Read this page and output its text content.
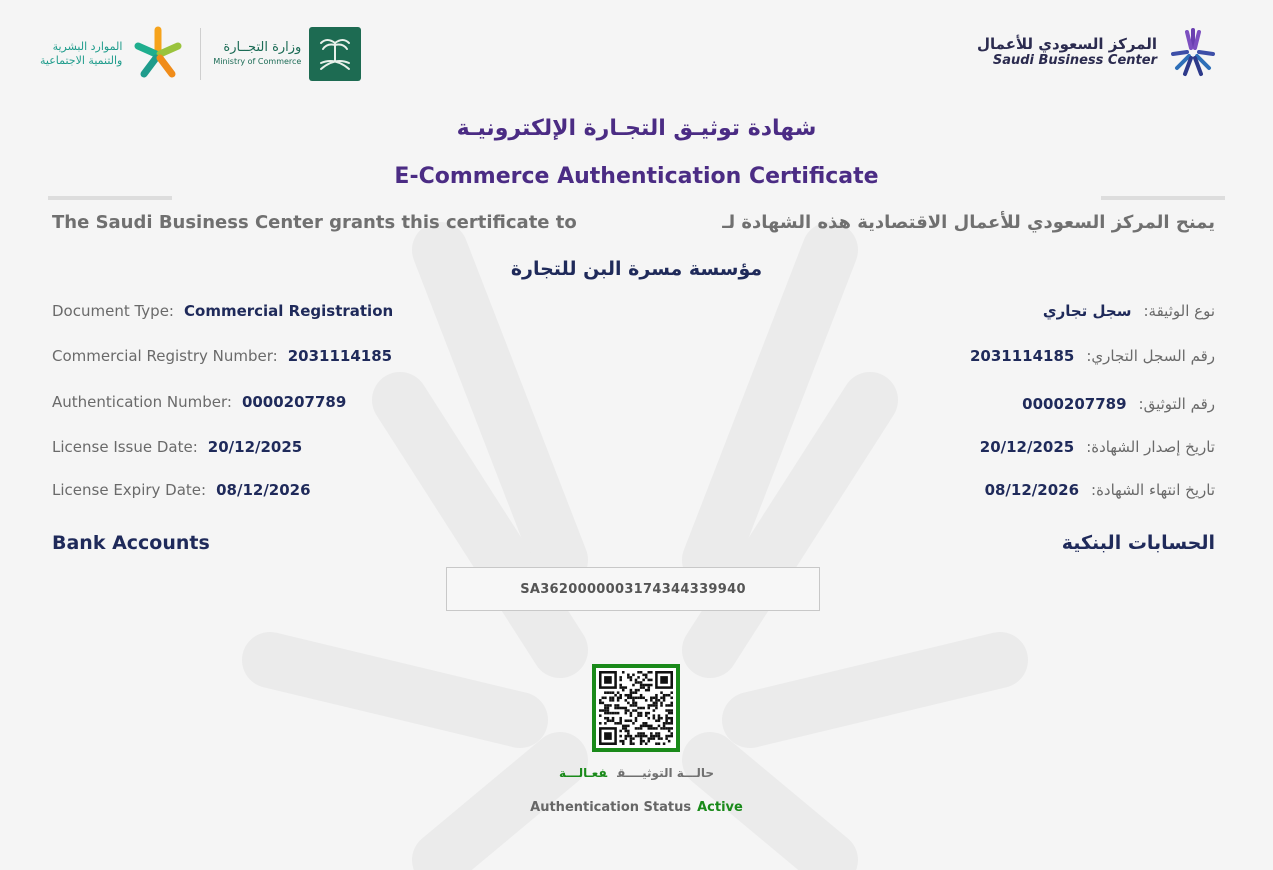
المركز السعودي للأعمال
Saudi Business Center
الموارد البشرية
والتنمية الاجتماعية
وزارة التجــارة
Ministry of Commerce
شهادة توثيـق التجـارة الإلكترونيـة
E-Commerce Authentication Certificate
The Saudi Business Center grants this certificate to	يمنح المركز السعودي للأعمال الاقتصادية هذه الشهادة لـ
مؤسسة مسرة البن للتجارة
Document Type: Commercial Registration
Commercial Registry Number: 2031114185
Authentication Number: 0000207789
License Issue Date: 20/12/2025
License Expiry Date: 08/12/2026
نوع الوثيقة:سجل تجاري
رقم السجل التجاري:2031114185
رقم التوثيق:0000207789
تاريخ إصدار الشهادة:20/12/2025
تاريخ انتهاء الشهادة:08/12/2026
Bank Accounts	الحسابات البنكية
SA3620000003174344339940
حالـــة التوثيــــقفعـالـــة
Authentication Status Active
